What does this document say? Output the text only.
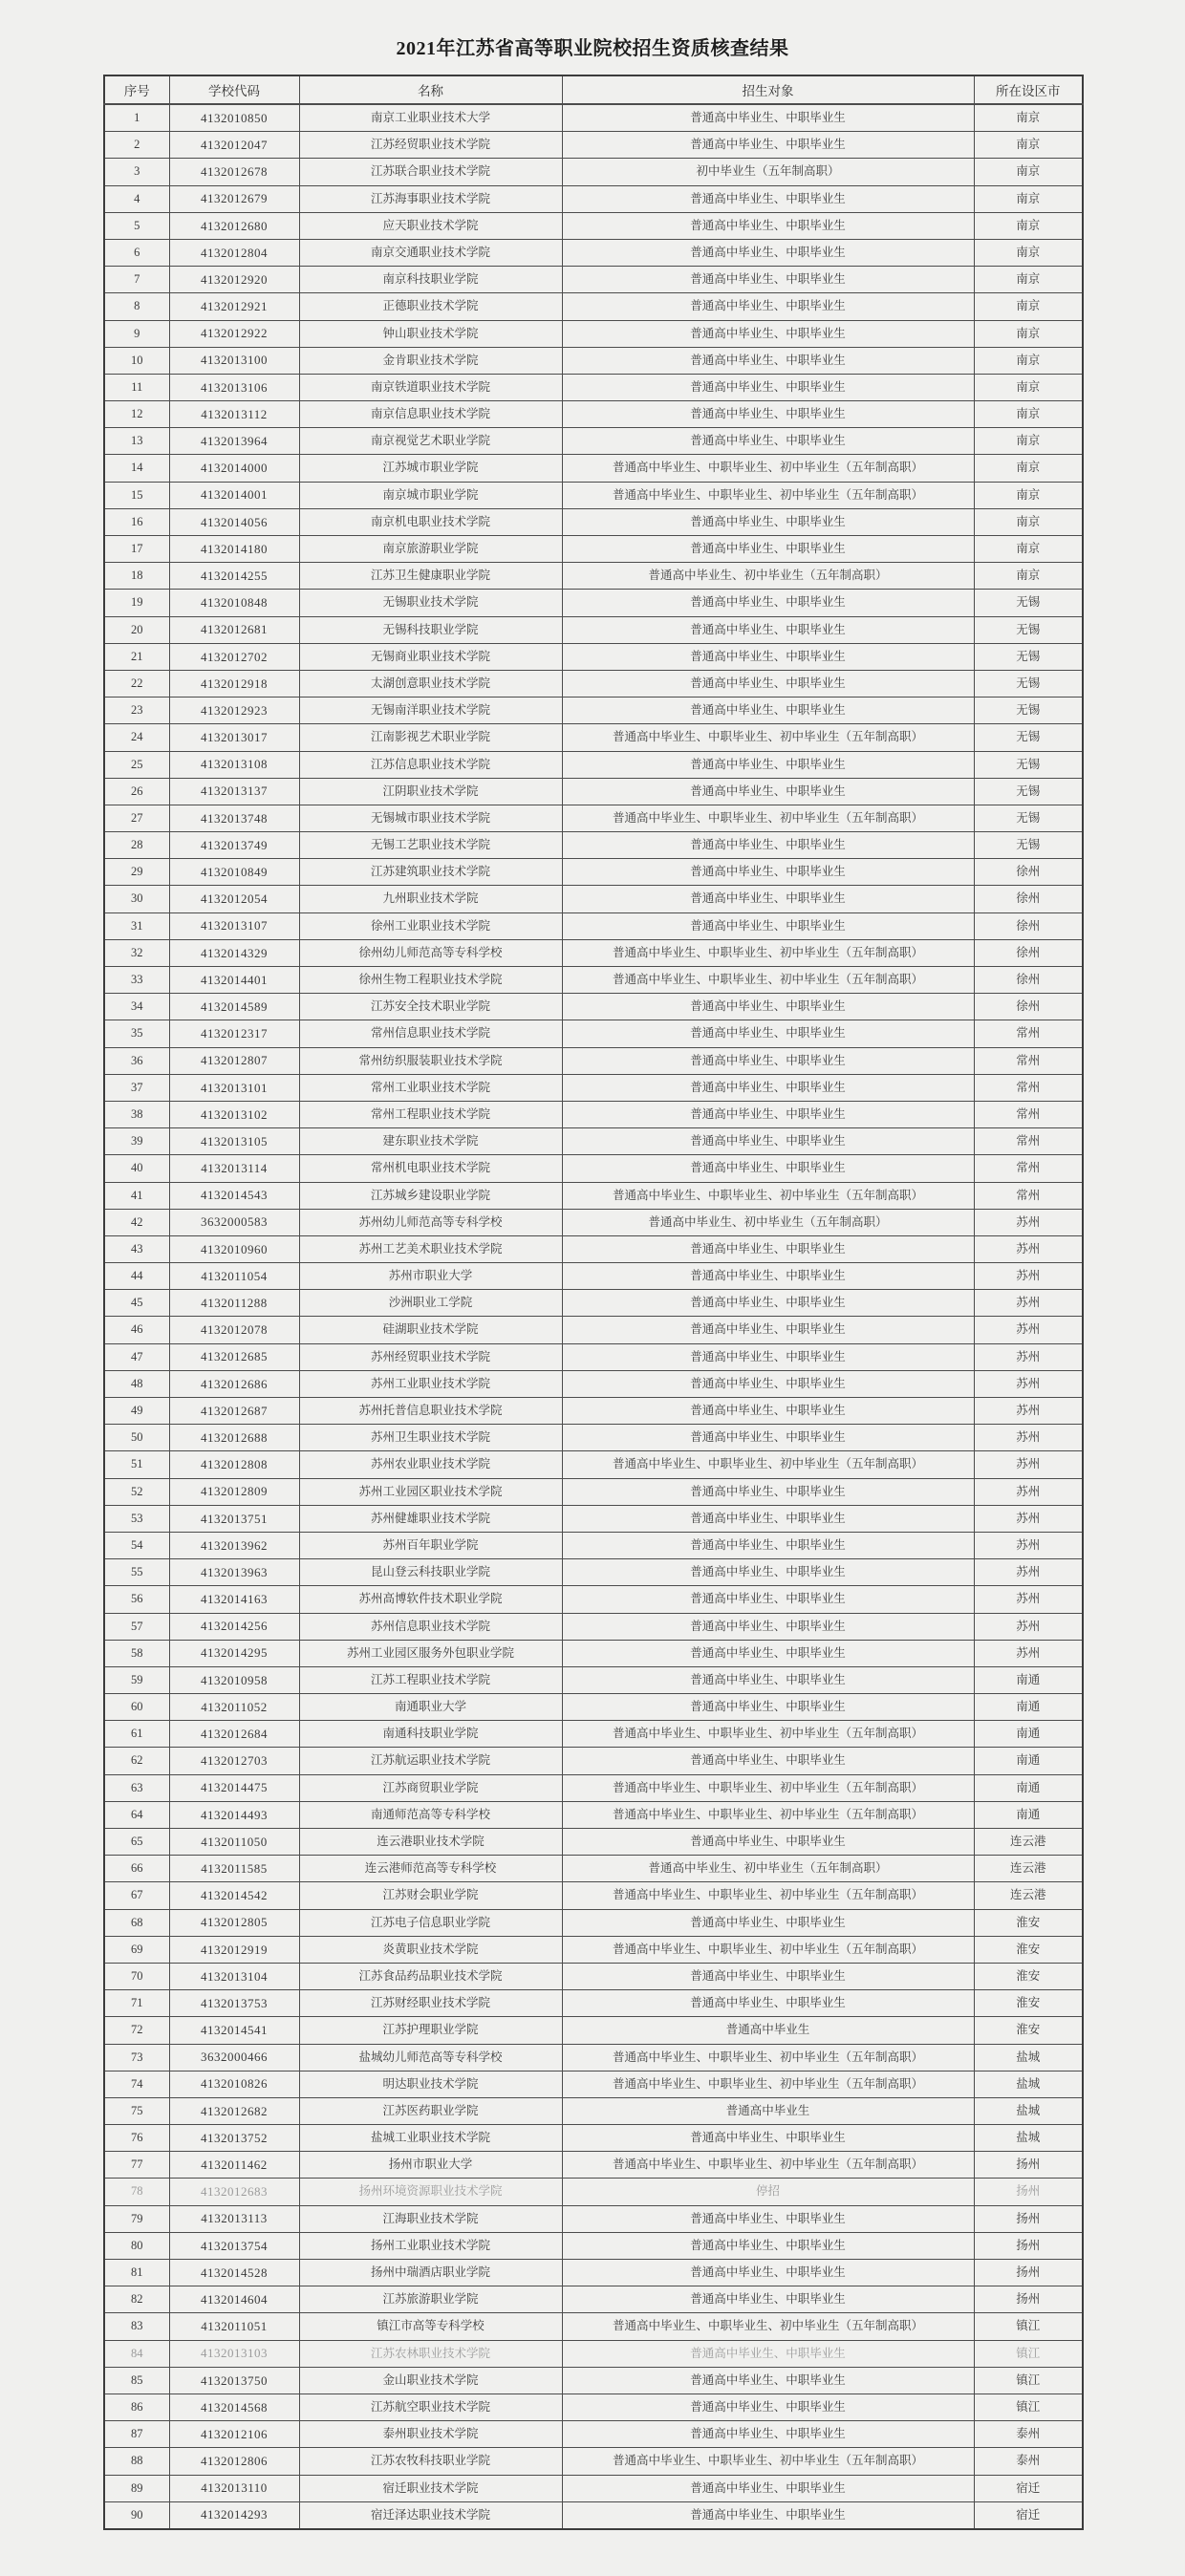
2021年江苏省高等职业院校招生资质核查结果
序号	学校代码	名称	招生对象	所在设区市
1	4132010850	南京工业职业技术大学	普通高中毕业生、中职毕业生	南京
2	4132012047	江苏经贸职业技术学院	普通高中毕业生、中职毕业生	南京
3	4132012678	江苏联合职业技术学院	初中毕业生（五年制高职）	南京
4	4132012679	江苏海事职业技术学院	普通高中毕业生、中职毕业生	南京
5	4132012680	应天职业技术学院	普通高中毕业生、中职毕业生	南京
6	4132012804	南京交通职业技术学院	普通高中毕业生、中职毕业生	南京
7	4132012920	南京科技职业学院	普通高中毕业生、中职毕业生	南京
8	4132012921	正德职业技术学院	普通高中毕业生、中职毕业生	南京
9	4132012922	钟山职业技术学院	普通高中毕业生、中职毕业生	南京
10	4132013100	金肯职业技术学院	普通高中毕业生、中职毕业生	南京
11	4132013106	南京铁道职业技术学院	普通高中毕业生、中职毕业生	南京
12	4132013112	南京信息职业技术学院	普通高中毕业生、中职毕业生	南京
13	4132013964	南京视觉艺术职业学院	普通高中毕业生、中职毕业生	南京
14	4132014000	江苏城市职业学院	普通高中毕业生、中职毕业生、初中毕业生（五年制高职）	南京
15	4132014001	南京城市职业学院	普通高中毕业生、中职毕业生、初中毕业生（五年制高职）	南京
16	4132014056	南京机电职业技术学院	普通高中毕业生、中职毕业生	南京
17	4132014180	南京旅游职业学院	普通高中毕业生、中职毕业生	南京
18	4132014255	江苏卫生健康职业学院	普通高中毕业生、初中毕业生（五年制高职）	南京
19	4132010848	无锡职业技术学院	普通高中毕业生、中职毕业生	无锡
20	4132012681	无锡科技职业学院	普通高中毕业生、中职毕业生	无锡
21	4132012702	无锡商业职业技术学院	普通高中毕业生、中职毕业生	无锡
22	4132012918	太湖创意职业技术学院	普通高中毕业生、中职毕业生	无锡
23	4132012923	无锡南洋职业技术学院	普通高中毕业生、中职毕业生	无锡
24	4132013017	江南影视艺术职业学院	普通高中毕业生、中职毕业生、初中毕业生（五年制高职）	无锡
25	4132013108	江苏信息职业技术学院	普通高中毕业生、中职毕业生	无锡
26	4132013137	江阴职业技术学院	普通高中毕业生、中职毕业生	无锡
27	4132013748	无锡城市职业技术学院	普通高中毕业生、中职毕业生、初中毕业生（五年制高职）	无锡
28	4132013749	无锡工艺职业技术学院	普通高中毕业生、中职毕业生	无锡
29	4132010849	江苏建筑职业技术学院	普通高中毕业生、中职毕业生	徐州
30	4132012054	九州职业技术学院	普通高中毕业生、中职毕业生	徐州
31	4132013107	徐州工业职业技术学院	普通高中毕业生、中职毕业生	徐州
32	4132014329	徐州幼儿师范高等专科学校	普通高中毕业生、中职毕业生、初中毕业生（五年制高职）	徐州
33	4132014401	徐州生物工程职业技术学院	普通高中毕业生、中职毕业生、初中毕业生（五年制高职）	徐州
34	4132014589	江苏安全技术职业学院	普通高中毕业生、中职毕业生	徐州
35	4132012317	常州信息职业技术学院	普通高中毕业生、中职毕业生	常州
36	4132012807	常州纺织服装职业技术学院	普通高中毕业生、中职毕业生	常州
37	4132013101	常州工业职业技术学院	普通高中毕业生、中职毕业生	常州
38	4132013102	常州工程职业技术学院	普通高中毕业生、中职毕业生	常州
39	4132013105	建东职业技术学院	普通高中毕业生、中职毕业生	常州
40	4132013114	常州机电职业技术学院	普通高中毕业生、中职毕业生	常州
41	4132014543	江苏城乡建设职业学院	普通高中毕业生、中职毕业生、初中毕业生（五年制高职）	常州
42	3632000583	苏州幼儿师范高等专科学校	普通高中毕业生、初中毕业生（五年制高职）	苏州
43	4132010960	苏州工艺美术职业技术学院	普通高中毕业生、中职毕业生	苏州
44	4132011054	苏州市职业大学	普通高中毕业生、中职毕业生	苏州
45	4132011288	沙洲职业工学院	普通高中毕业生、中职毕业生	苏州
46	4132012078	硅湖职业技术学院	普通高中毕业生、中职毕业生	苏州
47	4132012685	苏州经贸职业技术学院	普通高中毕业生、中职毕业生	苏州
48	4132012686	苏州工业职业技术学院	普通高中毕业生、中职毕业生	苏州
49	4132012687	苏州托普信息职业技术学院	普通高中毕业生、中职毕业生	苏州
50	4132012688	苏州卫生职业技术学院	普通高中毕业生、中职毕业生	苏州
51	4132012808	苏州农业职业技术学院	普通高中毕业生、中职毕业生、初中毕业生（五年制高职）	苏州
52	4132012809	苏州工业园区职业技术学院	普通高中毕业生、中职毕业生	苏州
53	4132013751	苏州健雄职业技术学院	普通高中毕业生、中职毕业生	苏州
54	4132013962	苏州百年职业学院	普通高中毕业生、中职毕业生	苏州
55	4132013963	昆山登云科技职业学院	普通高中毕业生、中职毕业生	苏州
56	4132014163	苏州高博软件技术职业学院	普通高中毕业生、中职毕业生	苏州
57	4132014256	苏州信息职业技术学院	普通高中毕业生、中职毕业生	苏州
58	4132014295	苏州工业园区服务外包职业学院	普通高中毕业生、中职毕业生	苏州
59	4132010958	江苏工程职业技术学院	普通高中毕业生、中职毕业生	南通
60	4132011052	南通职业大学	普通高中毕业生、中职毕业生	南通
61	4132012684	南通科技职业学院	普通高中毕业生、中职毕业生、初中毕业生（五年制高职）	南通
62	4132012703	江苏航运职业技术学院	普通高中毕业生、中职毕业生	南通
63	4132014475	江苏商贸职业学院	普通高中毕业生、中职毕业生、初中毕业生（五年制高职）	南通
64	4132014493	南通师范高等专科学校	普通高中毕业生、中职毕业生、初中毕业生（五年制高职）	南通
65	4132011050	连云港职业技术学院	普通高中毕业生、中职毕业生	连云港
66	4132011585	连云港师范高等专科学校	普通高中毕业生、初中毕业生（五年制高职）	连云港
67	4132014542	江苏财会职业学院	普通高中毕业生、中职毕业生、初中毕业生（五年制高职）	连云港
68	4132012805	江苏电子信息职业学院	普通高中毕业生、中职毕业生	淮安
69	4132012919	炎黄职业技术学院	普通高中毕业生、中职毕业生、初中毕业生（五年制高职）	淮安
70	4132013104	江苏食品药品职业技术学院	普通高中毕业生、中职毕业生	淮安
71	4132013753	江苏财经职业技术学院	普通高中毕业生、中职毕业生	淮安
72	4132014541	江苏护理职业学院	普通高中毕业生	淮安
73	3632000466	盐城幼儿师范高等专科学校	普通高中毕业生、中职毕业生、初中毕业生（五年制高职）	盐城
74	4132010826	明达职业技术学院	普通高中毕业生、中职毕业生、初中毕业生（五年制高职）	盐城
75	4132012682	江苏医药职业学院	普通高中毕业生	盐城
76	4132013752	盐城工业职业技术学院	普通高中毕业生、中职毕业生	盐城
77	4132011462	扬州市职业大学	普通高中毕业生、中职毕业生、初中毕业生（五年制高职）	扬州
78	4132012683	扬州环境资源职业技术学院	停招	扬州
79	4132013113	江海职业技术学院	普通高中毕业生、中职毕业生	扬州
80	4132013754	扬州工业职业技术学院	普通高中毕业生、中职毕业生	扬州
81	4132014528	扬州中瑞酒店职业学院	普通高中毕业生、中职毕业生	扬州
82	4132014604	江苏旅游职业学院	普通高中毕业生、中职毕业生	扬州
83	4132011051	镇江市高等专科学校	普通高中毕业生、中职毕业生、初中毕业生（五年制高职）	镇江
84	4132013103	江苏农林职业技术学院	普通高中毕业生、中职毕业生	镇江
85	4132013750	金山职业技术学院	普通高中毕业生、中职毕业生	镇江
86	4132014568	江苏航空职业技术学院	普通高中毕业生、中职毕业生	镇江
87	4132012106	泰州职业技术学院	普通高中毕业生、中职毕业生	泰州
88	4132012806	江苏农牧科技职业学院	普通高中毕业生、中职毕业生、初中毕业生（五年制高职）	泰州
89	4132013110	宿迁职业技术学院	普通高中毕业生、中职毕业生	宿迁
90	4132014293	宿迁泽达职业技术学院	普通高中毕业生、中职毕业生	宿迁
